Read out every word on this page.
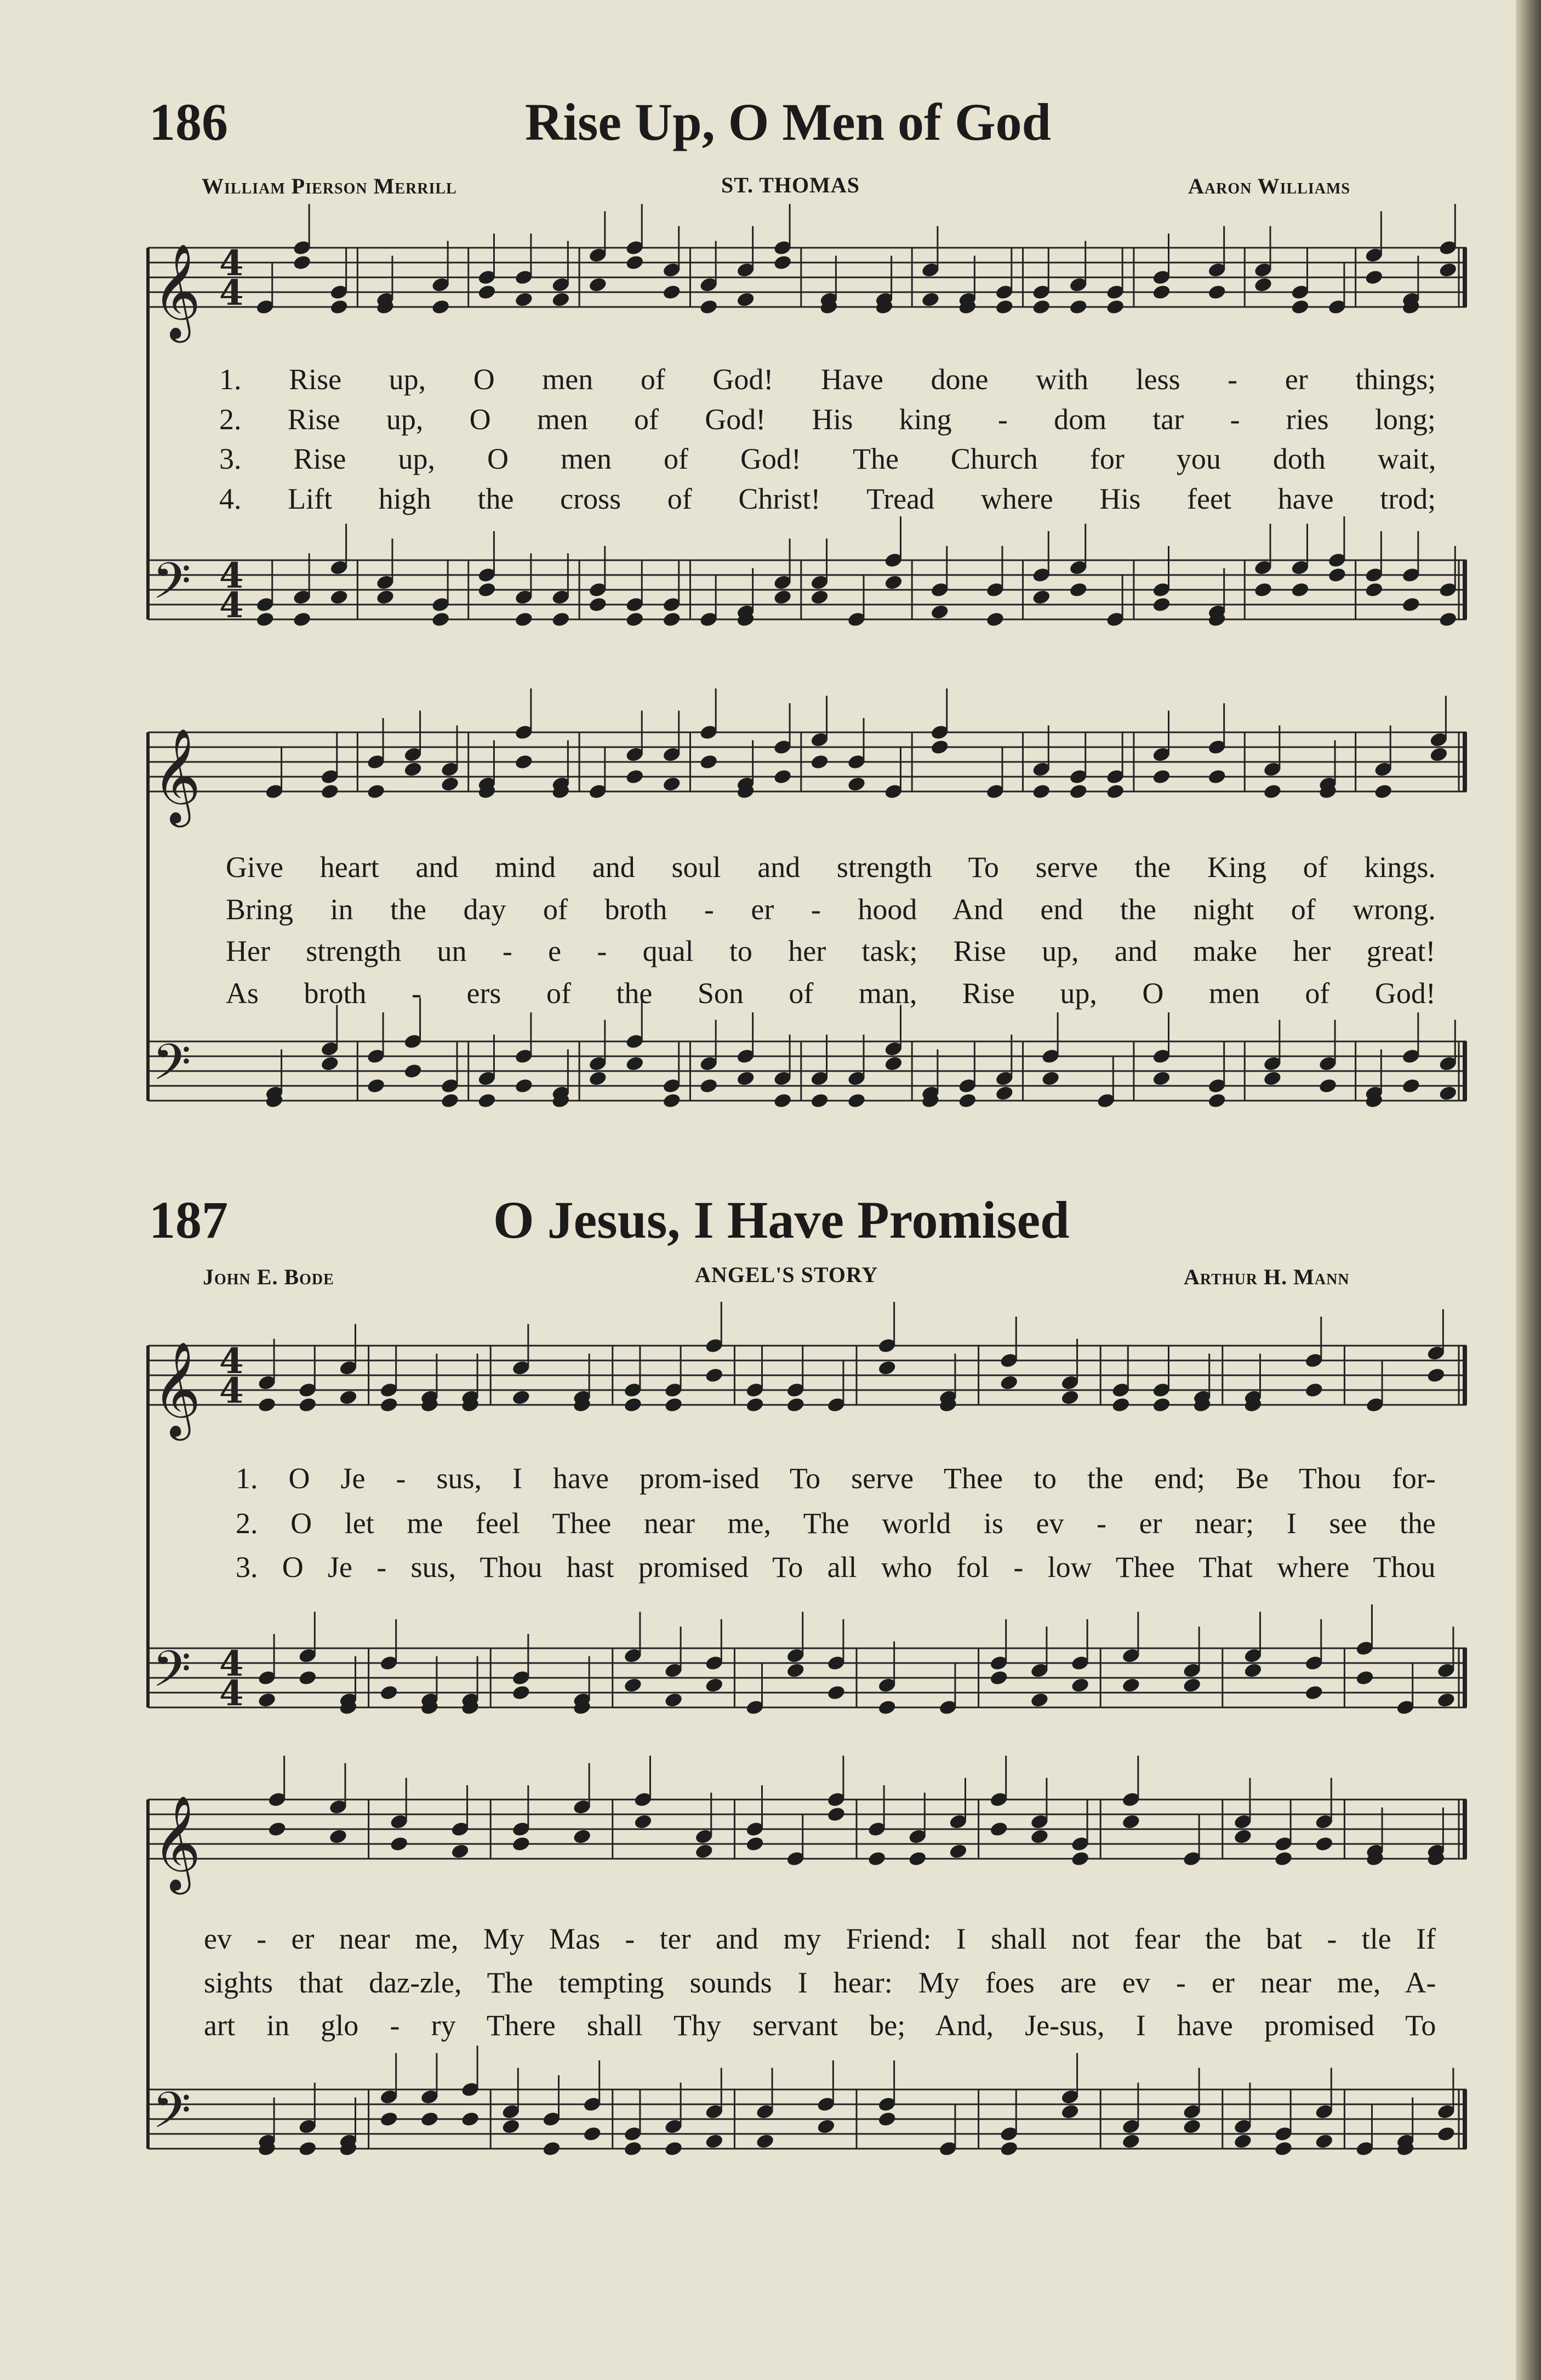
186	Rise Up, O Men of God
William Pierson Merrill	ST. THOMAS	Aaron Williams
187	O Jesus, I Have Promised
John E. Bode	ANGEL'S STORY	Arthur H. Mann
𝄞
𝄢
4
4
4
4
𝄞
𝄢
𝄞
𝄢
4
4
4
4
𝄞
𝄢
1. Rise up, O men of God! Have done with less - er things;
2. Rise up, O men of God! His king - dom tar - ries long;
3. Rise up, O men of God! The Church for you doth wait,
4. Lift high the cross of Christ! Tread where His feet have trod;
Give heart and mind and soul and strength To serve the King of kings.
Bring in the day of broth - er - hood And end the night of wrong.
Her strength un - e - qual to her task; Rise up, and make her great!
As broth - ers of the Son of man, Rise up, O men of God!
1. O Je - sus, I have prom-ised To serve Thee to the end; Be Thou for-
2. O let me feel Thee near me, The world is ev - er near; I see the
3. O Je - sus, Thou hast promised To all who fol - low Thee That where Thou
ev - er near me, My Mas - ter and my Friend: I shall not fear the bat - tle If
sights that daz-zle, The tempting sounds I hear: My foes are ev - er near me, A-
art in glo - ry There shall Thy servant be; And, Je-sus, I have promised To
